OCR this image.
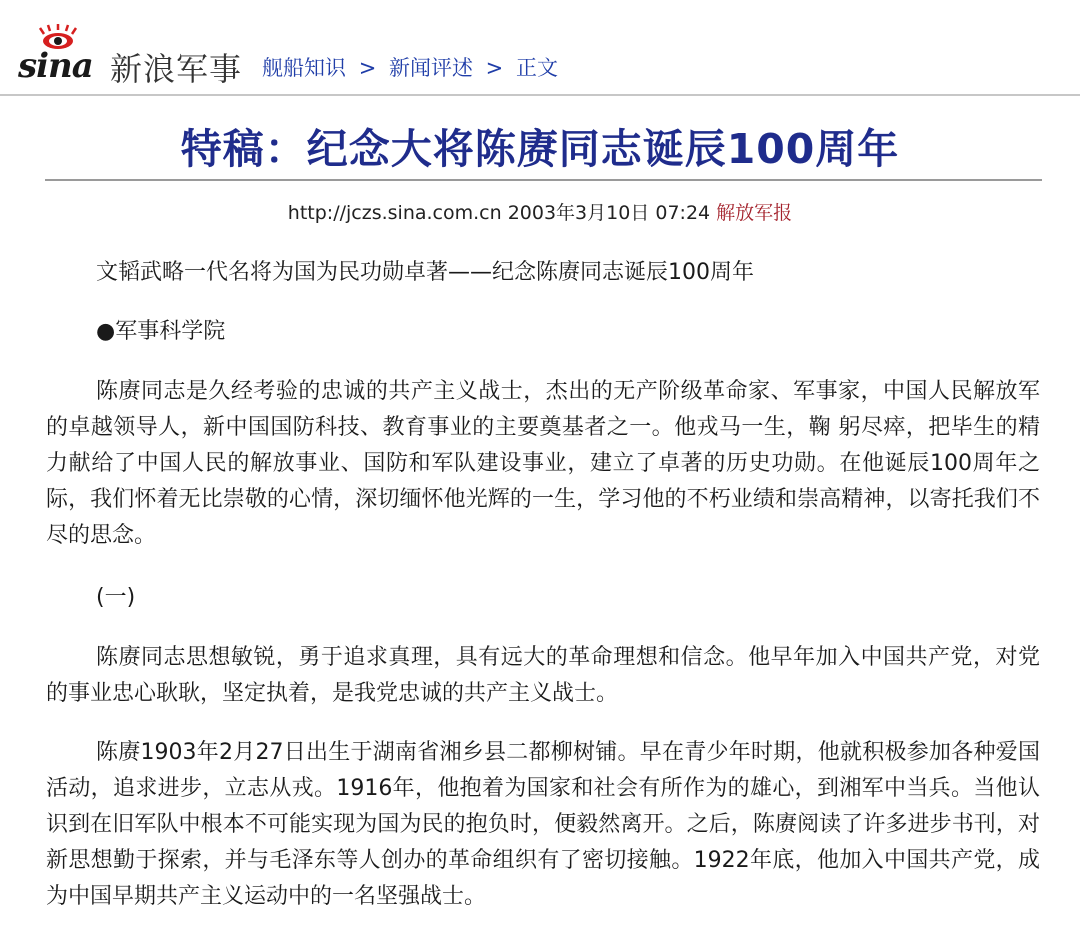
sina 新浪军事 舰船知识 > 新闻评述 > 正文
特稿：纪念大将陈赓同志诞辰100周年
http://jczs.sina.com.cn 2003年3月10日 07:24 解放军报

文韬武略一代名将为国为民功勋卓著——纪念陈赓同志诞辰100周年

●军事科学院

陈赓同志是久经考验的忠诚的共产主义战士，杰出的无产阶级革命家、军事家，中国人民解放军的卓越领导人，新中国国防科技、教育事业的主要奠基者之一。他戎马一生，鞠 躬尽瘁，把毕生的精力献给了中国人民的解放事业、国防和军队建设事业，建立了卓著的历史功勋。在他诞辰100周年之际，我们怀着无比崇敬的心情，深切缅怀他光辉的一生，学习他的不朽业绩和崇高精神，以寄托我们不尽的思念。

(一)

陈赓同志思想敏锐，勇于追求真理，具有远大的革命理想和信念。他早年加入中国共产党，对党的事业忠心耿耿，坚定执着，是我党忠诚的共产主义战士。

陈赓1903年2月27日出生于湖南省湘乡县二都柳树铺。早在青少年时期，他就积极参加各种爱国活动，追求进步，立志从戎。1916年，他抱着为国家和社会有所作为的雄心，到湘军中当兵。当他认识到在旧军队中根本不可能实现为国为民的抱负时，便毅然离开。之后，陈赓阅读了许多进步书刊，对新思想勤于探索，并与毛泽东等人创办的革命组织有了密切接触。1922年底，他加入中国共产党，成为中国早期共产主义运动中的一名坚强战士。
